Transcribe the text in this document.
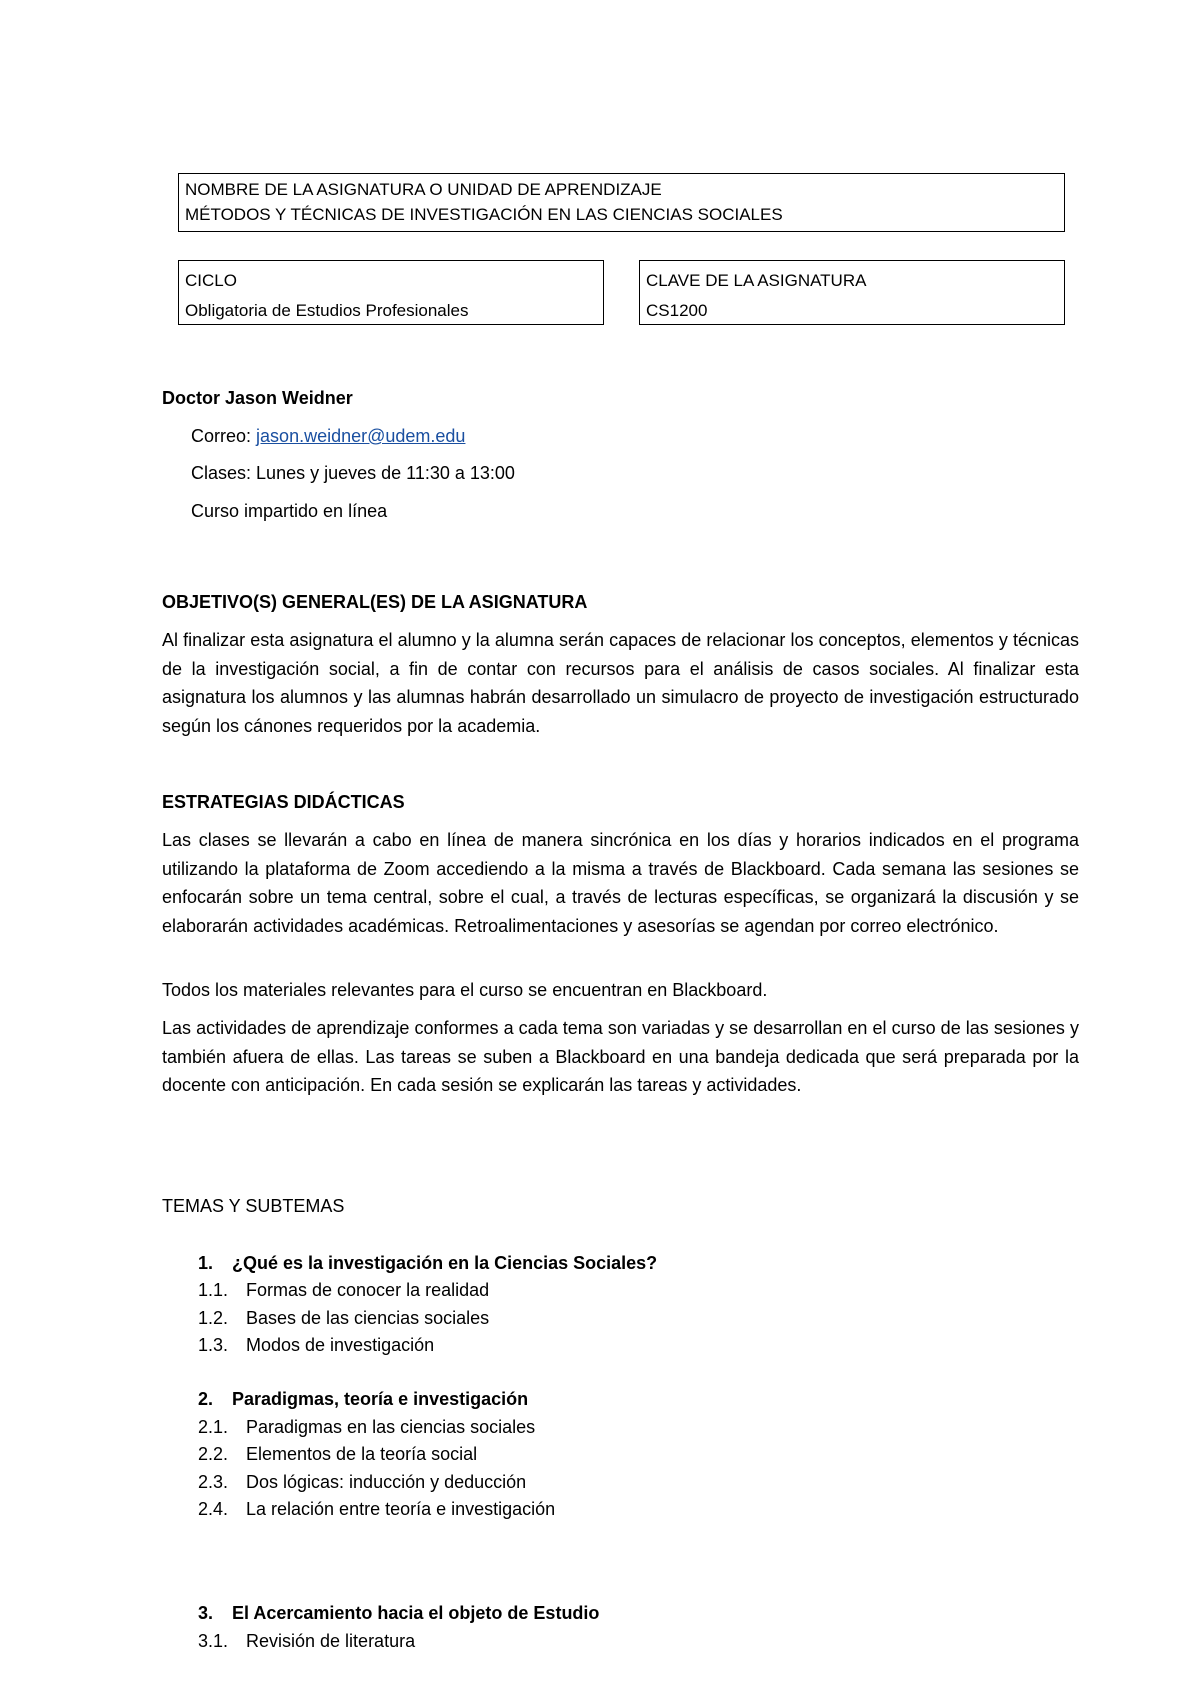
NOMBRE DE LA ASIGNATURA O UNIDAD DE APRENDIZAJE
MÉTODOS Y TÉCNICAS DE INVESTIGACIÓN EN LAS CIENCIAS SOCIALES
CICLO
Obligatoria de Estudios Profesionales
CLAVE DE LA ASIGNATURA
CS1200
Doctor Jason Weidner
Correo: jason.weidner@udem.edu
Clases: Lunes y jueves de 11:30 a 13:00
Curso impartido en línea
OBJETIVO(S) GENERAL(ES) DE LA ASIGNATURA

Al finalizar esta asignatura el alumno y la alumna serán capaces de relacionar los conceptos, elementos y técnicas de la investigación social, a fin de contar con recursos para el análisis de casos sociales. Al finalizar esta asignatura los alumnos y las alumnas habrán desarrollado un simulacro de proyecto de investigación estructurado según los cánones requeridos por la academia.

ESTRATEGIAS DIDÁCTICAS

Las clases se llevarán a cabo en línea de manera sincrónica en los días y horarios indicados en el programa utilizando la plataforma de Zoom accediendo a la misma a través de Blackboard. Cada semana las sesiones se enfocarán sobre un tema central, sobre el cual, a través de lecturas específicas, se organizará la discusión y se elaborarán actividades académicas. Retroalimentaciones y asesorías se agendan por correo electrónico.

Todos los materiales relevantes para el curso se encuentran en Blackboard.

Las actividades de aprendizaje conformes a cada tema son variadas y se desarrollan en el curso de las sesiones y también afuera de ellas. Las tareas se suben a Blackboard en una bandeja dedicada que será preparada por la docente con anticipación. En cada sesión se explicarán las tareas y actividades.

TEMAS Y SUBTEMAS
1. ¿Qué es la investigación en la Ciencias Sociales?
1.1. Formas de conocer la realidad
1.2. Bases de las ciencias sociales
1.3. Modos de investigación
2. Paradigmas, teoría e investigación
2.1. Paradigmas en las ciencias sociales
2.2. Elementos de la teoría social
2.3. Dos lógicas: inducción y deducción
2.4. La relación entre teoría e investigación
3. El Acercamiento hacia el objeto de Estudio
3.1. Revisión de literatura
